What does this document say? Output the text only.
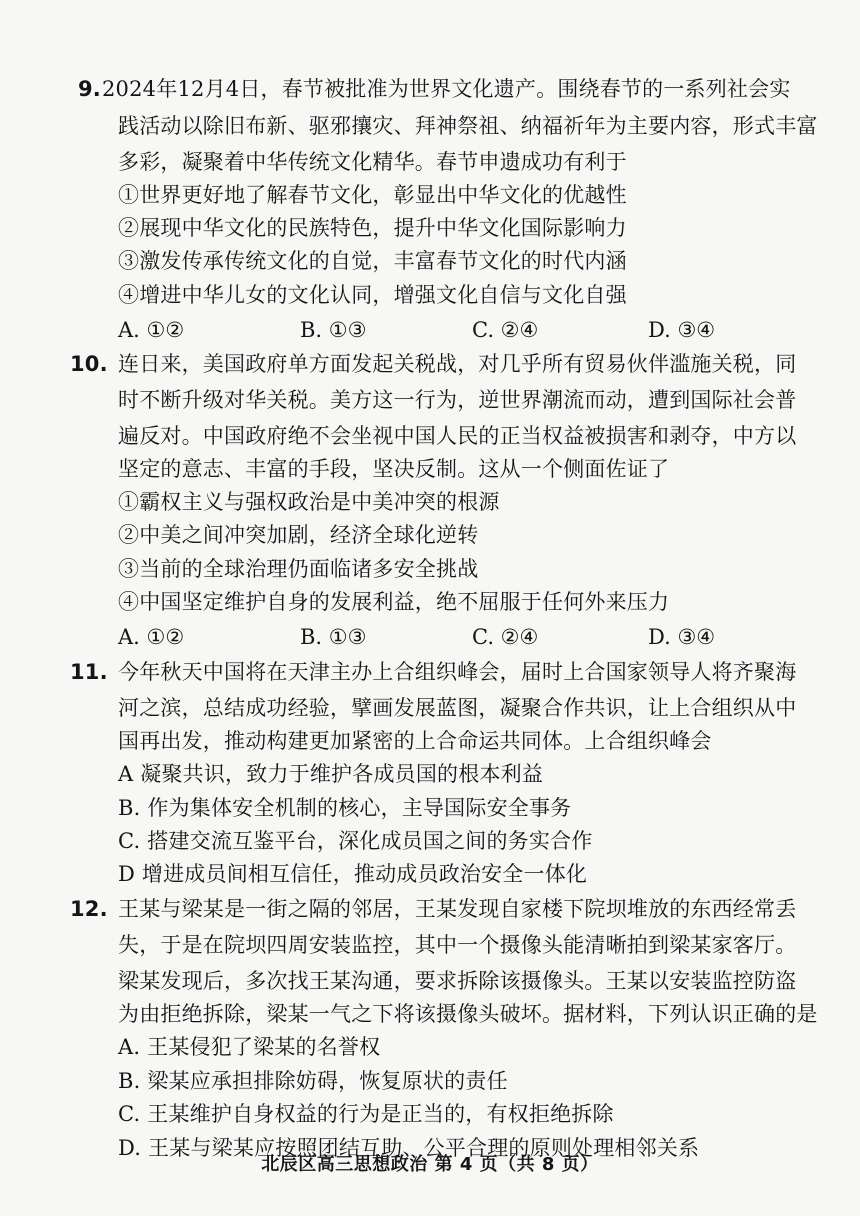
9. 2024年12月4日，春节被批准为世界文化遗产。围绕春节的一系列社会实
践活动以除旧布新、驱邪攘灾、拜神祭祖、纳福祈年为主要内容，形式丰富
多彩，凝聚着中华传统文化精华。春节申遗成功有利于
①世界更好地了解春节文化，彰显出中华文化的优越性
②展现中华文化的民族特色，提升中华文化国际影响力
③激发传承传统文化的自觉，丰富春节文化的时代内涵
④增进中华儿女的文化认同，增强文化自信与文化自强
A. ①②	B. ①③	C. ②④	D. ③④
10. 连日来，美国政府单方面发起关税战，对几乎所有贸易伙伴滥施关税，同
时不断升级对华关税。美方这一行为，逆世界潮流而动，遭到国际社会普
遍反对。中国政府绝不会坐视中国人民的正当权益被损害和剥夺，中方以
坚定的意志、丰富的手段，坚决反制。这从一个侧面佐证了
①霸权主义与强权政治是中美冲突的根源
②中美之间冲突加剧，经济全球化逆转
③当前的全球治理仍面临诸多安全挑战
④中国坚定维护自身的发展利益，绝不屈服于任何外来压力
A. ①②	B. ①③	C. ②④	D. ③④
11. 今年秋天中国将在天津主办上合组织峰会，届时上合国家领导人将齐聚海
河之滨，总结成功经验，擘画发展蓝图，凝聚合作共识，让上合组织从中
国再出发，推动构建更加紧密的上合命运共同体。上合组织峰会
A 凝聚共识，致力于维护各成员国的根本利益
B. 作为集体安全机制的核心，主导国际安全事务
C. 搭建交流互鉴平台，深化成员国之间的务实合作
D 增进成员间相互信任，推动成员政治安全一体化
12. 王某与梁某是一街之隔的邻居，王某发现自家楼下院坝堆放的东西经常丢
失，于是在院坝四周安装监控，其中一个摄像头能清晰拍到梁某家客厅。
梁某发现后，多次找王某沟通，要求拆除该摄像头。王某以安装监控防盗
为由拒绝拆除，梁某一气之下将该摄像头破坏。据材料，下列认识正确的是
A. 王某侵犯了梁某的名誉权
B. 梁某应承担排除妨碍，恢复原状的责任
C. 王某维护自身权益的行为是正当的，有权拒绝拆除
D. 王某与梁某应按照团结互助、公平合理的原则处理相邻关系
北辰区高三思想政治 第 4 页（共 8 页）
